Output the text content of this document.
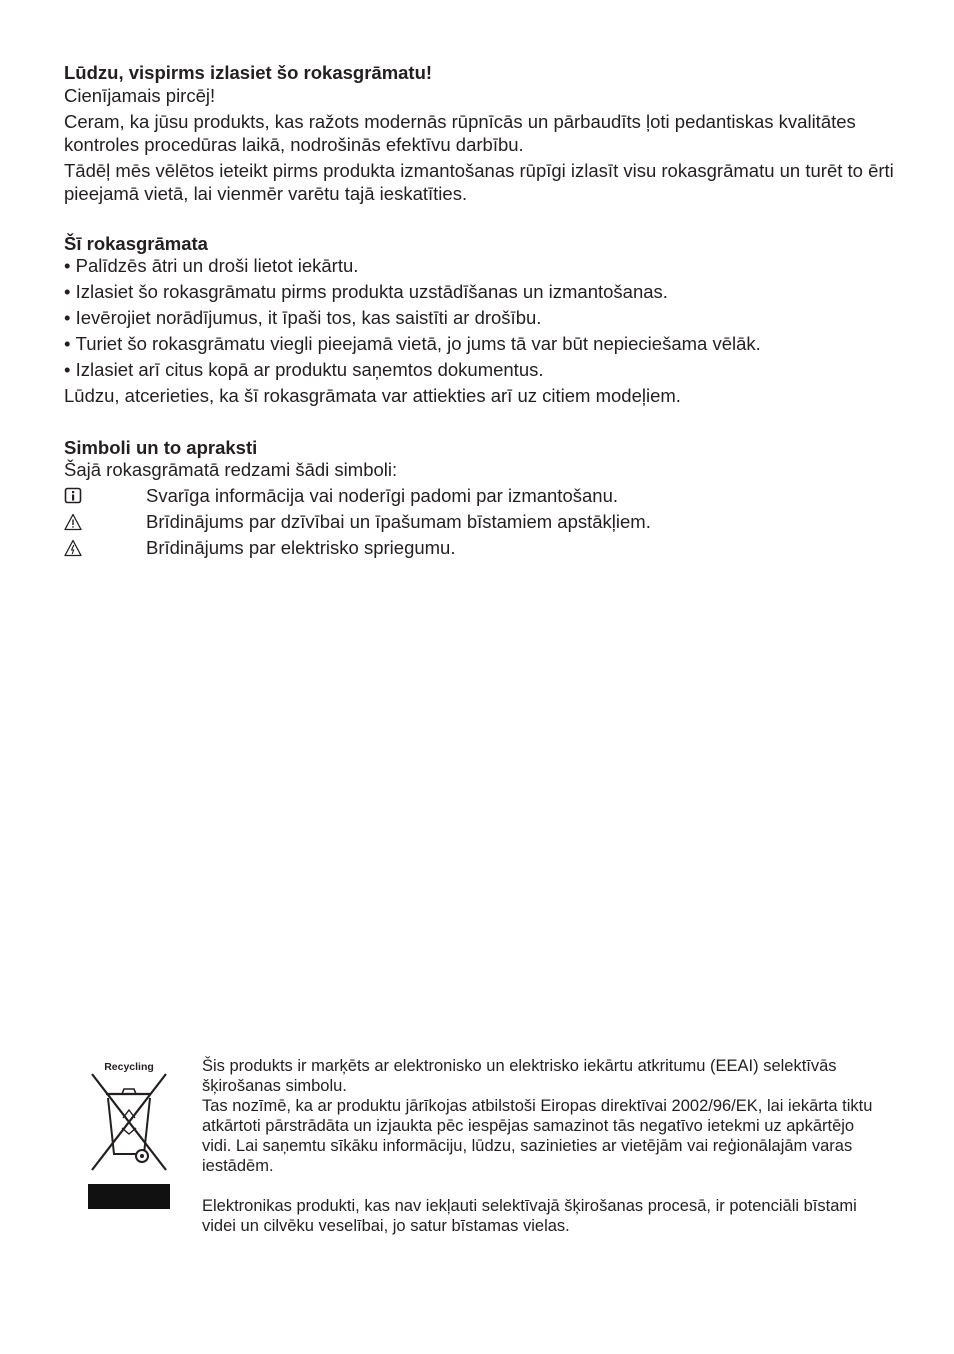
Lūdzu, vispirms izlasiet šo rokasgrāmatu!

Cienījamais pircēj!

Ceram, ka jūsu produkts, kas ražots modernās rūpnīcās un pārbaudīts ļoti pedantiskas kvalitātes kontroles procedūras laikā, nodrošinās efektīvu darbību.

Tādēļ mēs vēlētos ieteikt pirms produkta izmantošanas rūpīgi izlasīt visu rokasgrāmatu un turēt to ērti pieejamā vietā, lai vienmēr varētu tajā ieskatīties.

Šī rokasgrāmata

• Palīdzēs ātri un droši lietot iekārtu.

• Izlasiet šo rokasgrāmatu pirms produkta uzstādīšanas un izmantošanas.

• Ievērojiet norādījumus, it īpaši tos, kas saistīti ar drošību.

• Turiet šo rokasgrāmatu viegli pieejamā vietā, jo jums tā var būt nepieciešama vēlāk.

• Izlasiet arī citus kopā ar produktu saņemtos dokumentus.

Lūdzu, atcerieties, ka šī rokasgrāmata var attiekties arī uz citiem modeļiem.

Simboli un to apraksti

Šajā rokasgrāmatā redzami šādi simboli:

Svarīga informācija vai noderīgi padomi par izmantošanu.
Brīdinājums par dzīvībai un īpašumam bīstamiem apstākļiem.
Brīdinājums par elektrisko spriegumu.
Recycling	Šis produkts ir marķēts ar elektronisko un elektrisko iekārtu atkritumu (EEAI) selektīvās šķirošanas simbolu.

Tas nozīmē, ka ar produktu jārīkojas atbilstoši Eiropas direktīvai 2002/96/EK, lai iekārta tiktu atkārtoti pārstrādāta un izjaukta pēc iespējas samazinot tās negatīvo ietekmi uz apkārtējo vidi. Lai saņemtu sīkāku informāciju, lūdzu, sazinieties ar vietējām vai reģionālajām varas iestādēm.

Elektronikas produkti, kas nav iekļauti selektīvajā šķirošanas procesā, ir potenciāli bīstami videi un cilvēku veselībai, jo satur bīstamas vielas.
